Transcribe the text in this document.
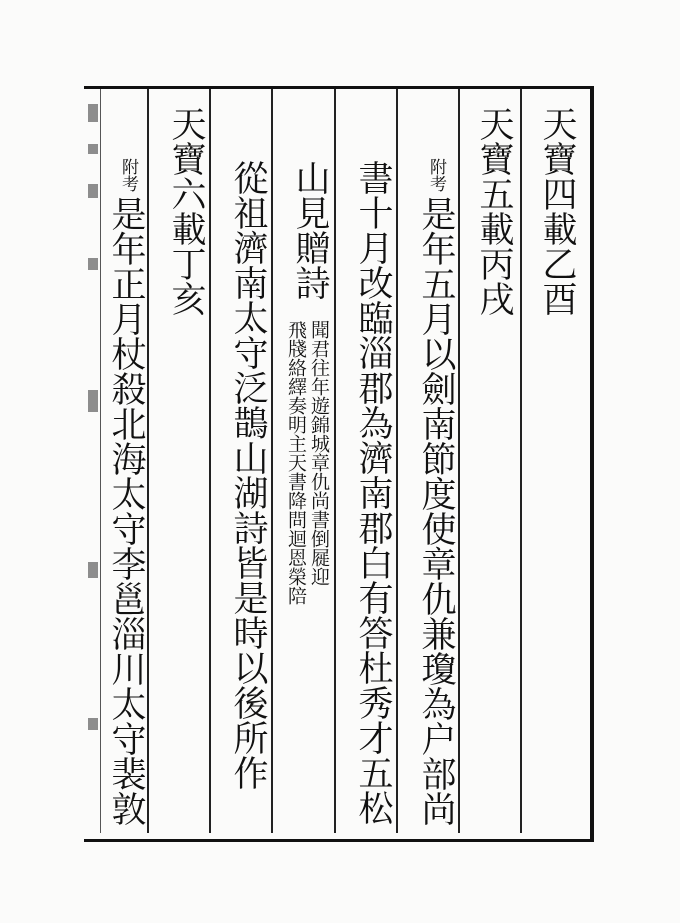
天寶四載乙酉
天寶五載丙戌
附考
是年五月以劍南節度使章仇兼瓊為户部尚
書十月改臨淄郡為濟南郡白有答杜秀才五松
山見贈詩
聞君往年遊錦城章仇尚書倒屣迎
飛牋絡繹奏明主天書降問迴恩榮陪
從祖濟南太守泛鵲山湖詩皆是時以後所作
天寶六載丁亥
附考
是年正月杖殺北海太守李邕淄川太守裴敦
